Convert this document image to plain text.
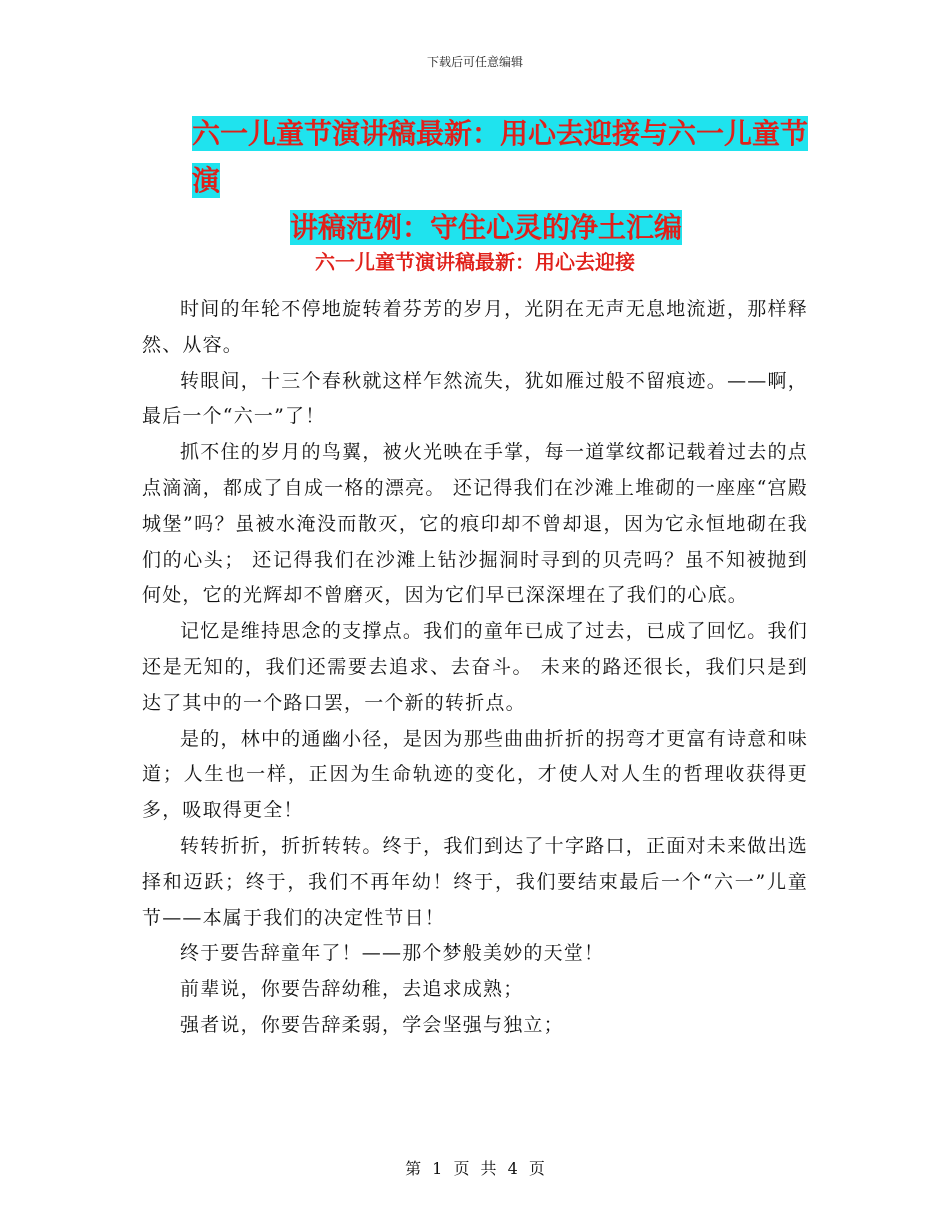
下载后可任意编辑
六一儿童节演讲稿最新：用心去迎接与六一儿童节演
讲稿范例：守住心灵的净土汇编
六一儿童节演讲稿最新：用心去迎接

时间的年轮不停地旋转着芬芳的岁月，光阴在无声无息地流逝，那样释然、从容。

转眼间，十三个春秋就这样乍然流失，犹如雁过般不留痕迹。——啊，最后一个“六一”了！

抓不住的岁月的鸟翼，被火光映在手掌，每一道掌纹都记载着过去的点点滴滴，都成了自成一格的漂亮。 还记得我们在沙滩上堆砌的一座座“宫殿城堡”吗？虽被水淹没而散灭，它的痕印却不曾却退，因为它永恒地砌在我们的心头； 还记得我们在沙滩上钻沙掘洞时寻到的贝壳吗？虽不知被抛到何处，它的光辉却不曾磨灭，因为它们早已深深埋在了我们的心底。

记忆是维持思念的支撑点。我们的童年已成了过去，已成了回忆。我们还是无知的，我们还需要去追求、去奋斗。 未来的路还很长，我们只是到达了其中的一个路口罢，一个新的转折点。

是的，林中的通幽小径，是因为那些曲曲折折的拐弯才更富有诗意和味道；人生也一样，正因为生命轨迹的变化，才使人对人生的哲理收获得更多，吸取得更全！

转转折折，折折转转。终于，我们到达了十字路口，正面对未来做出选择和迈跃；终于，我们不再年幼！终于，我们要结束最后一个“六一”儿童节——本属于我们的决定性节日！

终于要告辞童年了！——那个梦般美妙的天堂！

前辈说，你要告辞幼稚，去追求成熟；

强者说，你要告辞柔弱，学会坚强与独立；

第 1 页 共 4 页
